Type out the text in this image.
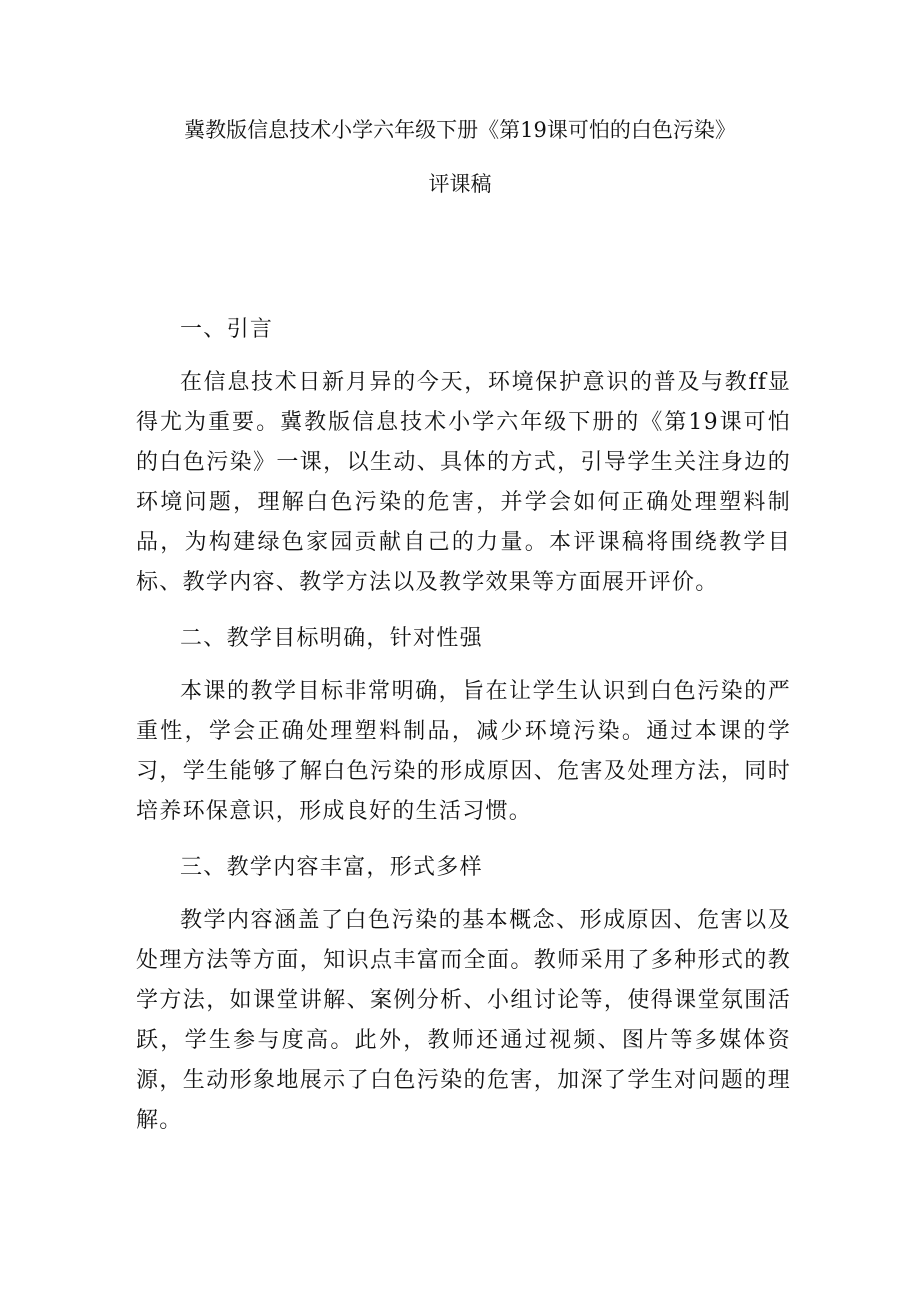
冀教版信息技术小学六年级下册《第19课可怕的白色污染》
评课稿

一、引言

在信息技术日新月异的今天，环境保护意识的普及与教ff显得尤为重要。冀教版信息技术小学六年级下册的《第19课可怕的白色污染》一课，以生动、具体的方式，引导学生关注身边的环境问题，理解白色污染的危害，并学会如何正确处理塑料制品，为构建绿色家园贡献自己的力量。本评课稿将围绕教学目标、教学内容、教学方法以及教学效果等方面展开评价。

二、教学目标明确，针对性强

本课的教学目标非常明确，旨在让学生认识到白色污染的严重性，学会正确处理塑料制品，减少环境污染。通过本课的学习，学生能够了解白色污染的形成原因、危害及处理方法，同时培养环保意识，形成良好的生活习惯。

三、教学内容丰富，形式多样

教学内容涵盖了白色污染的基本概念、形成原因、危害以及处理方法等方面，知识点丰富而全面。教师采用了多种形式的教学方法，如课堂讲解、案例分析、小组讨论等，使得课堂氛围活跃，学生参与度高。此外，教师还通过视频、图片等多媒体资源，生动形象地展示了白色污染的危害，加深了学生对问题的理解。
